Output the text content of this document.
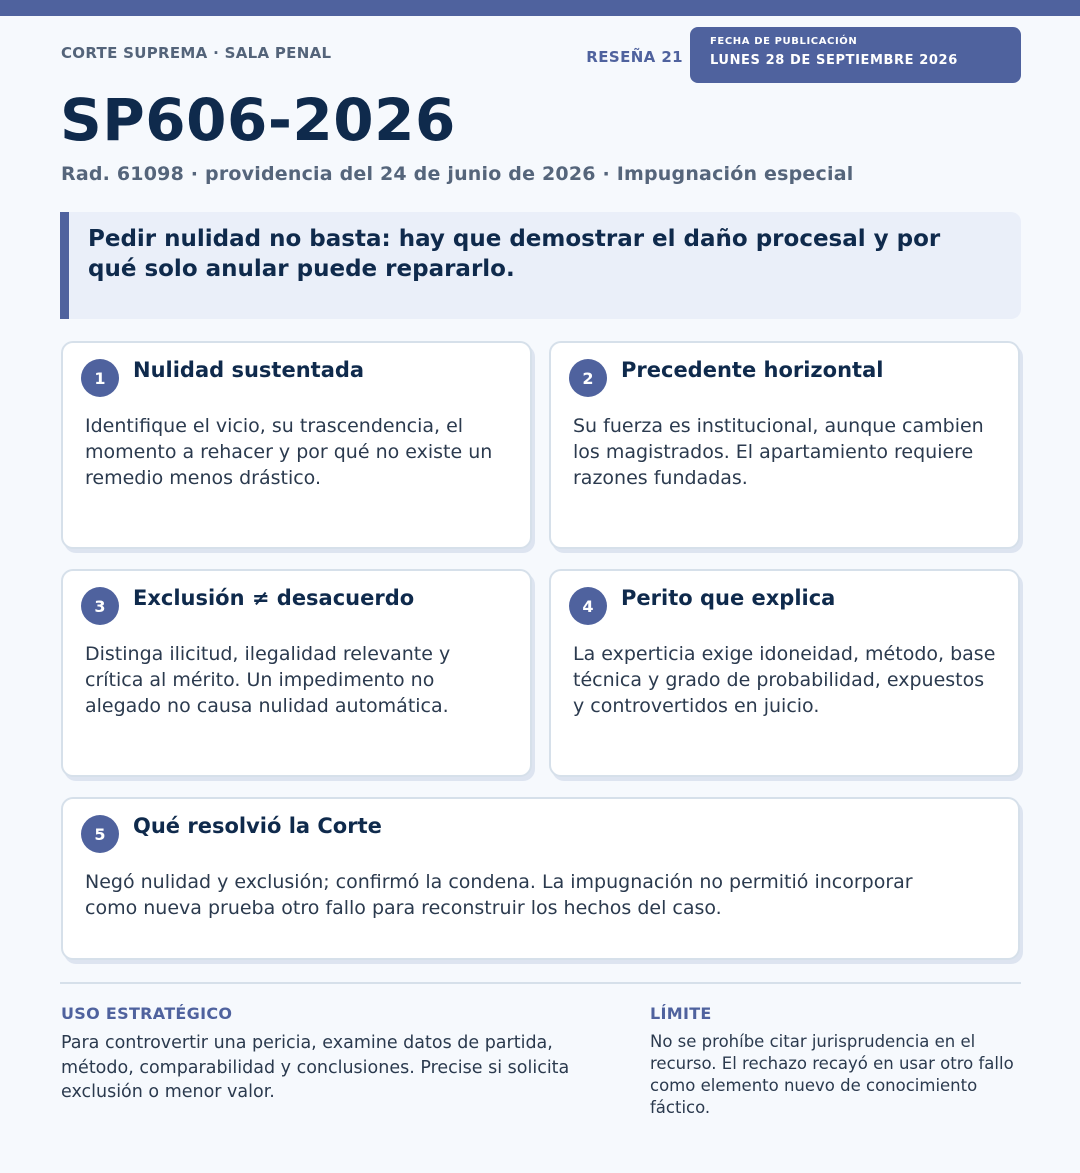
CORTE SUPREMA · SALA PENAL	RESEÑA 21
FECHA DE PUBLICACIÓN
LUNES 28 DE SEPTIEMBRE 2026
SP606-2026
Rad. 61098 · providencia del 24 de junio de 2026 · Impugnación especial

Pedir nulidad no basta: hay que demostrar el daño procesal y por qué solo anular puede repararlo.

1	Nulidad sustentada

Identifique el vicio, su trascendencia, el momento a rehacer y por qué no existe un remedio menos drástico.

2	Precedente horizontal

Su fuerza es institucional, aunque cambien los magistrados. El apartamiento requiere razones fundadas.

3	Exclusión ≠ desacuerdo

Distinga ilicitud, ilegalidad relevante y crítica al mérito. Un impedimento no alegado no causa nulidad automática.

4	Perito que explica

La experticia exige idoneidad, método, base técnica y grado de probabilidad, expuestos y controvertidos en juicio.

5	Qué resolvió la Corte

Negó nulidad y exclusión; confirmó la condena. La impugnación no permitió incorporar como nueva prueba otro fallo para reconstruir los hechos del caso.

USO ESTRATÉGICO

Para controvertir una pericia, examine datos de partida, método, comparabilidad y conclusiones. Precise si solicita exclusión o menor valor.

LÍMITE

No se prohíbe citar jurisprudencia en el recurso. El rechazo recayó en usar otro fallo como elemento nuevo de conocimiento fáctico.
